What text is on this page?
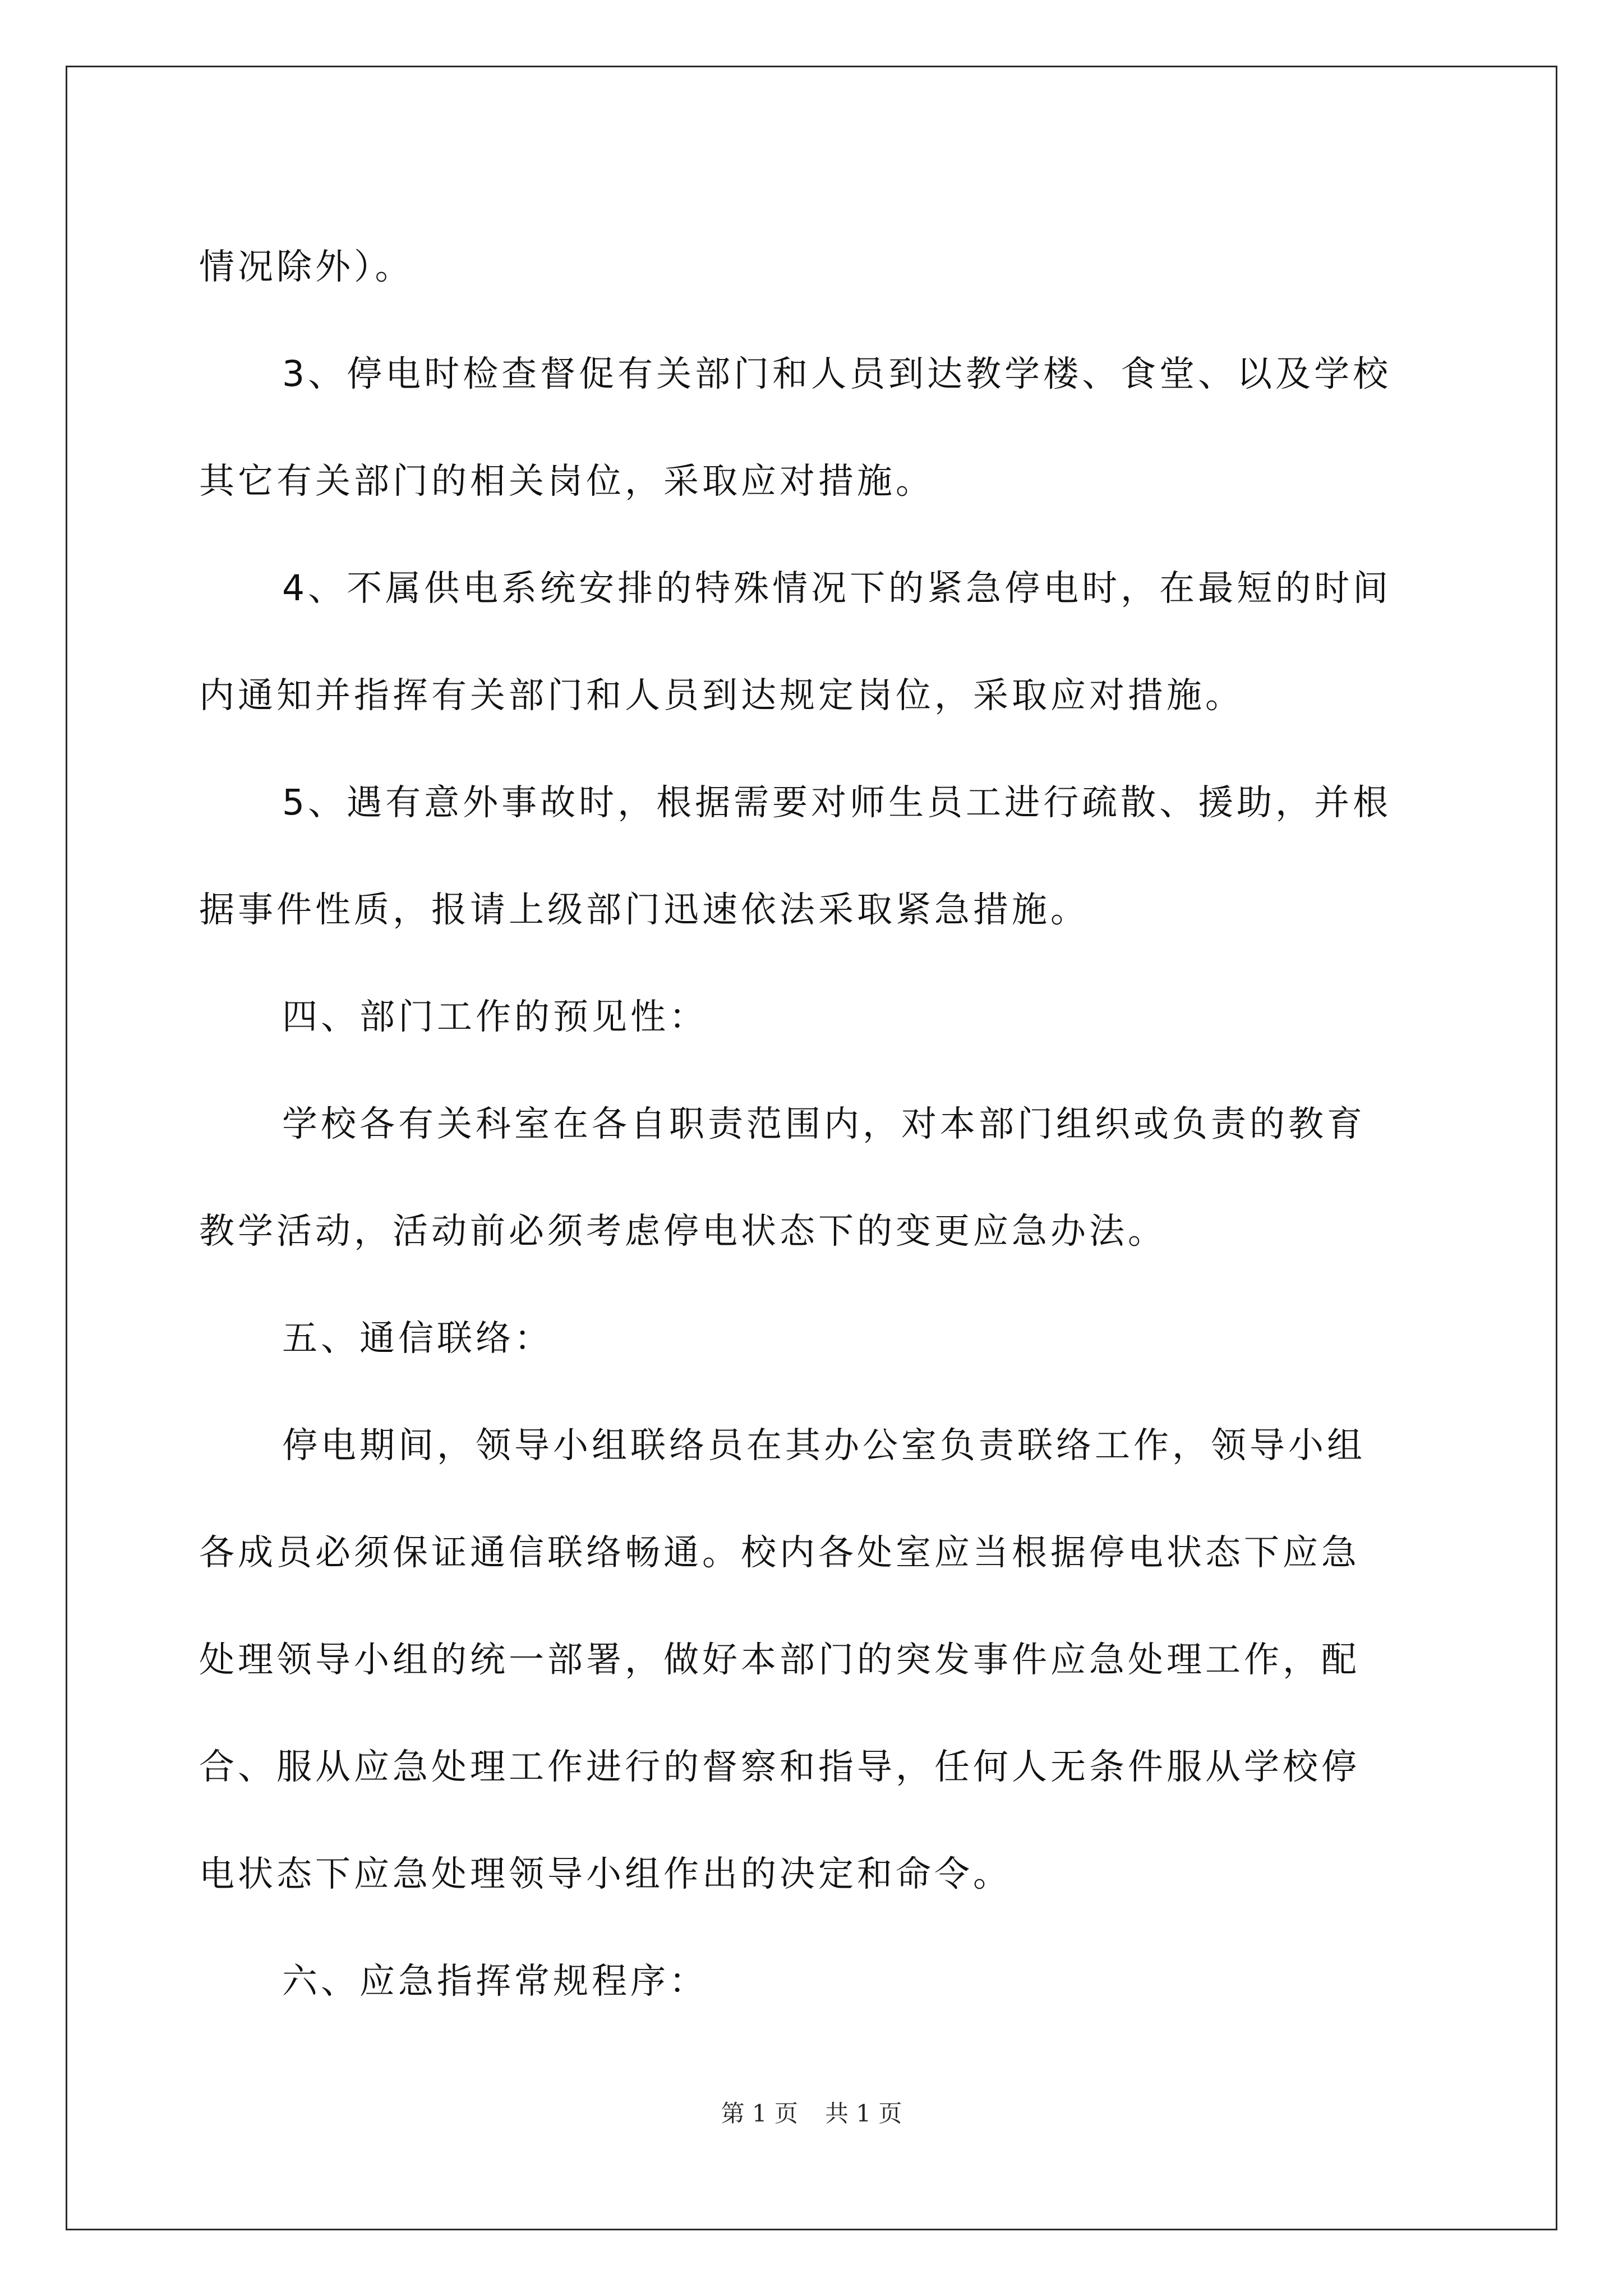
情况除外）。

3、停电时检查督促有关部门和人员到达教学楼、食堂、以及学校

其它有关部门的相关岗位，采取应对措施。

4、不属供电系统安排的特殊情况下的紧急停电时，在最短的时间

内通知并指挥有关部门和人员到达规定岗位，采取应对措施。

5、遇有意外事故时，根据需要对师生员工进行疏散、援助，并根

据事件性质，报请上级部门迅速依法采取紧急措施。

四、部门工作的预见性：

学校各有关科室在各自职责范围内，对本部门组织或负责的教育

教学活动，活动前必须考虑停电状态下的变更应急办法。

五、通信联络：

停电期间，领导小组联络员在其办公室负责联络工作，领导小组

各成员必须保证通信联络畅通。校内各处室应当根据停电状态下应急

处理领导小组的统一部署，做好本部门的突发事件应急处理工作，配

合、服从应急处理工作进行的督察和指导，任何人无条件服从学校停

电状态下应急处理领导小组作出的决定和命令。

六、应急指挥常规程序：

第 1 页 共 1 页
